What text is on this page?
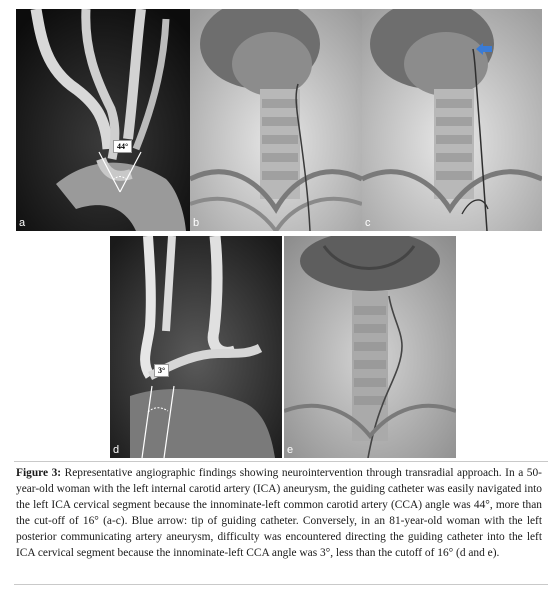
44°
a	b	c
3°
d	e
Figure 3: Representative angiographic findings showing neurointervention through transradial approach. In a 50-year-old woman with the left internal carotid artery (ICA) aneurysm, the guiding catheter was easily navigated into the left ICA cervical segment because the innominate-left common carotid artery (CCA) angle was 44°, more than the cut-off of 16° (a-c). Blue arrow: tip of guiding catheter. Conversely, in an 81-year-old woman with the left posterior communicating artery aneurysm, difficulty was encountered directing the guiding catheter into the left ICA cervical segment because the innominate-left CCA angle was 3°, less than the cutoff of 16° (d and e).
